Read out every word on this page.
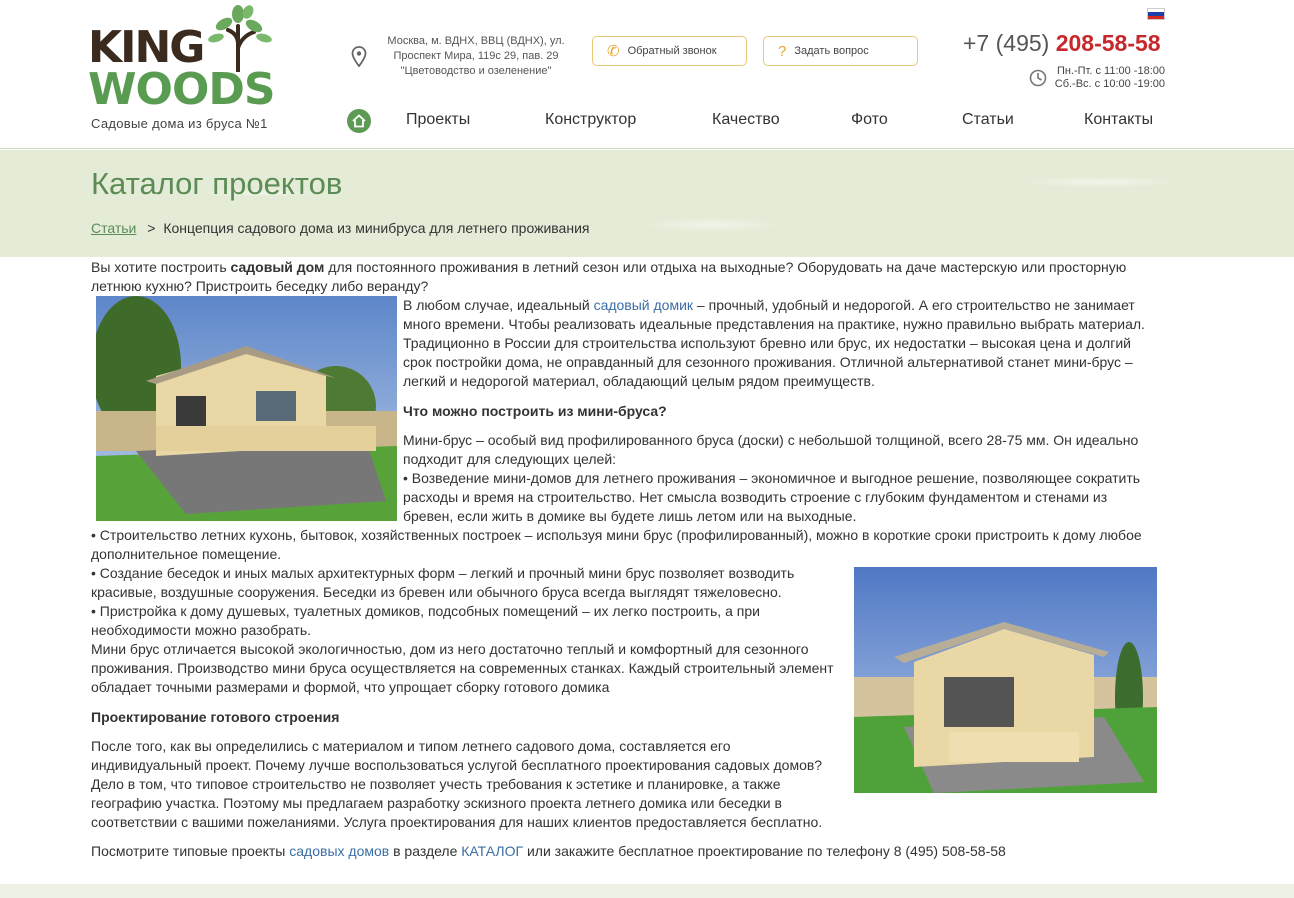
KING
WOODS
Садовые дома из бруса №1
Москва, м. ВДНХ, ВВЦ (ВДНХ), ул. Проспект Мира, 119с 29, пав. 29 "Цветоводство и озеленение"
✆ Обратный звонок	? Задать вопрос	+7 (495) 208-58-58
Пн.-Пт. с 11:00 -18:00
Сб.-Вс. с 10:00 -19:00
Проекты	Конструктор	Качество	Фото	Статьи	Контакты
Каталог проектов
Статьи > Концепция садового дома из минибруса для летнего проживания

Вы хотите построить садовый дом для постоянного проживания в летний сезон или отдыха на выходные? Оборудовать на даче мастерскую или просторную летнюю кухню? Пристроить беседку либо веранду?

В любом случае, идеальный садовый домик – прочный, удобный и недорогой. А его строительство не занимает много времени. Чтобы реализовать идеальные представления на практике, нужно правильно выбрать материал.

Традиционно в России для строительства используют бревно или брус, их недостатки – высокая цена и долгий срок постройки дома, не оправданный для сезонного проживания. Отличной альтернативой станет мини-брус – легкий и недорогой материал, обладающий целым рядом преимуществ.

Что можно построить из мини-бруса?

Мини-брус – особый вид профилированного бруса (доски) с небольшой толщиной, всего 28-75 мм. Он идеально подходит для следующих целей:

• Возведение мини-домов для летнего проживания – экономичное и выгодное решение, позволяющее сократить расходы и время на строительство. Нет смысла возводить строение с глубоким фундаментом и стенами из бревен, если жить в домике вы будете лишь летом или на выходные.

• Строительство летних кухонь, бытовок, хозяйственных построек – используя мини брус (профилированный), можно в короткие сроки пристроить к дому любое дополнительное помещение.

• Создание беседок и иных малых архитектурных форм – легкий и прочный мини брус позволяет возводить красивые, воздушные сооружения. Беседки из бревен или обычного бруса всегда выглядят тяжеловесно.

• Пристройка к дому душевых, туалетных домиков, подсобных помещений – их легко построить, а при необходимости можно разобрать.

Мини брус отличается высокой экологичностью, дом из него достаточно теплый и комфортный для сезонного проживания. Производство мини бруса осуществляется на современных станках. Каждый строительный элемент обладает точными размерами и формой, что упрощает сборку готового домика

Проектирование готового строения

После того, как вы определились с материалом и типом летнего садового дома, составляется его индивидуальный проект. Почему лучше воспользоваться услугой бесплатного проектирования садовых домов? Дело в том, что типовое строительство не позволяет учесть требования к эстетике и планировке, а также географию участка. Поэтому мы предлагаем разработку эскизного проекта летнего домика или беседки в соответствии с вашими пожеланиями. Услуга проектирования для наших клиентов предоставляется бесплатно.

Посмотрите типовые проекты садовых домов в разделе КАТАЛОГ или закажите бесплатное проектирование по телефону 8 (495) 508-58-58
